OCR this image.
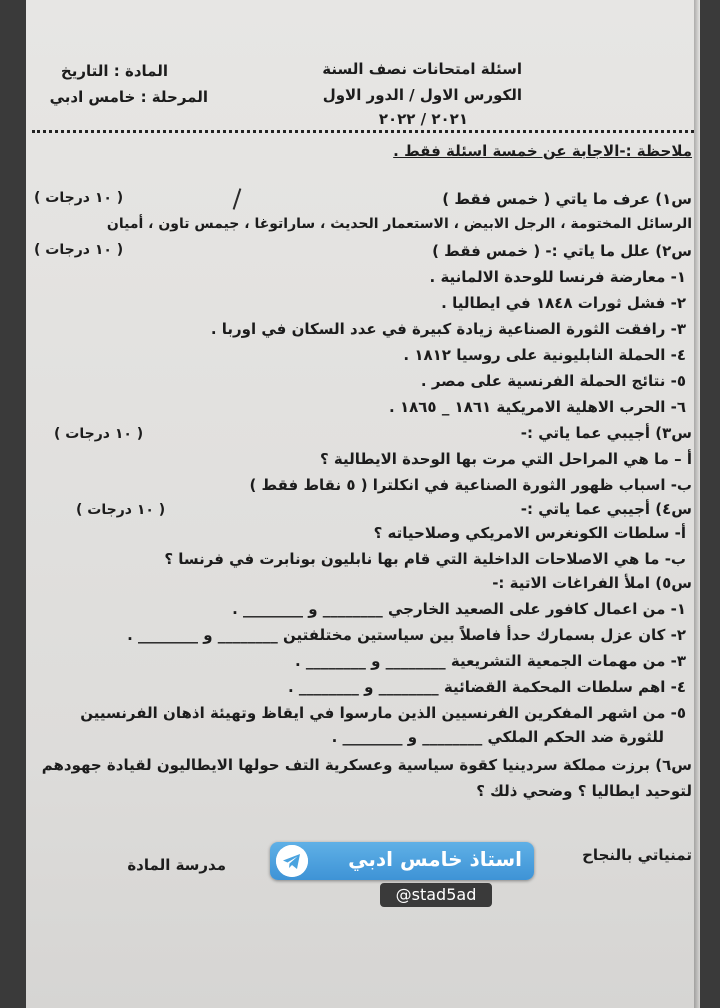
اسئلة امتحانات نصف السنة
الكورس الاول / الدور الاول
٢٠٢١ / ٢٠٢٢
المادة : التاريخ
المرحلة : خامس ادبي
ملاحظة :-الاجابة عن خمسة اسئلة فقط .
س١) عرف ما ياتي ( خمس فقط )
( ١٠ درجات )
الرسائل المختومة ، الرجل الابيض ، الاستعمار الحديث ، ساراتوغا ، جيمس تاون ، أميان
س٢) علل ما ياتي :- ( خمس فقط )
( ١٠ درجات )
١- معارضة فرنسا للوحدة الالمانية .
٢- فشل ثورات ١٨٤٨ في ايطاليا .
٣- رافقت الثورة الصناعية زيادة كبيرة في عدد السكان في اوربا .
٤- الحملة النابليونية على روسيا ١٨١٢ .
٥- نتائج الحملة الفرنسية على مصر .
٦- الحرب الاهلية الامريكية ١٨٦١ _ ١٨٦٥ .
س٣) أجيبي عما ياتي :-
( ١٠ درجات )
أ – ما هي المراحل التي مرت بها الوحدة الايطالية ؟
ب- اسباب ظهور الثورة الصناعية في انكلترا ( ٥ نقاط فقط )
س٤) أجيبي عما ياتي :-
( ١٠ درجات )
أ- سلطات الكونغرس الامريكي وصلاحياته ؟
ب- ما هي الاصلاحات الداخلية التي قام بها نابليون بونابرت في فرنسا ؟
س٥) املأ الفراغات الاتية :-
١- من اعمال كافور على الصعيد الخارجي ________ و ________ .
٢- كان عزل بسمارك حدأ فاصلاً بين سياستين مختلفتين ________ و ________ .
٣- من مهمات الجمعية التشريعية ________ و ________ .
٤- اهم سلطات المحكمة القضائية ________ و ________ .
٥- من اشهر المفكرين الفرنسيين الذين مارسوا في ايقاظ وتهيئة اذهان الفرنسيين
للثورة ضد الحكم الملكي ________ و ________ .
س٦) برزت مملكة سردينيا كقوة سياسية وعسكرية التف حولها الايطاليون لقيادة جهودهم
لتوحيد ايطاليا ؟ وضحي ذلك ؟
تمنياتي بالنجاح
مدرسة المادة	استاذ خامس ادبي
@stad5ad
